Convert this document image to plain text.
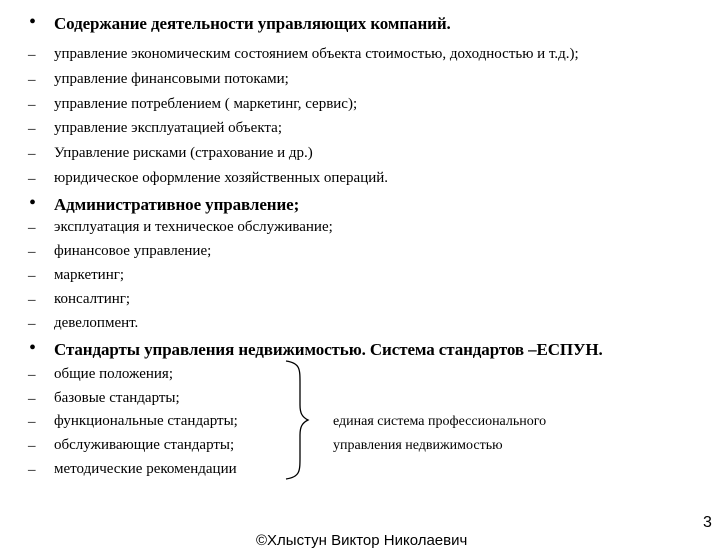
•	Содержание деятельности управляющих компаний.
–	управление экономическим состоянием объекта стоимостью, доходностью и т.д.);
–	управление финансовыми потоками;
–	управление потреблением ( маркетинг, сервис);
–	управление эксплуатацией объекта;
–	Управление рисками (страхование и др.)
–	юридическое оформление хозяйственных операций.
•	Административное управление;
–	эксплуатация и техническое обслуживание;
–	финансовое управление;
–	маркетинг;
–	консалтинг;
–	девелопмент.
•	Стандарты управления недвижимостью. Система стандартов –ЕСПУН.
–	общие положения;
–	базовые стандарты;
–	функциональные стандарты;
–	обслуживающие стандарты;
–	методические рекомендации
единая система профессионального
управления недвижимостью
3
©Хлыстун Виктор Николаевич
